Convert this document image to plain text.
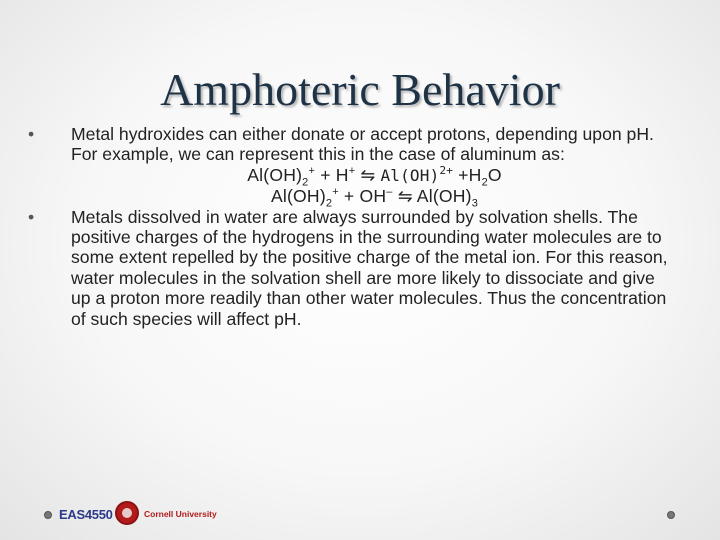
Amphoteric Behavior
•	Metal hydroxides can either donate or accept protons, depending upon pH. For example, we can represent this in the case of aluminum as:
$Al(OH)_2^+ + H^+$ ⇋ $Al(OH)^{2+} +H_2O$
$Al(OH)_2^+ + OH^-$ ⇋ $Al(OH)_3$
•	Metals dissolved in water are always surrounded by solvation shells. The positive charges of the hydrogens in the surrounding water molecules are to some extent repelled by the positive charge of the metal ion. For this reason, water molecules in the solvation shell are more likely to dissociate and give up a proton more readily than other water molecules. Thus the concentration of such species will affect pH.
EAS4550	Cornell University
